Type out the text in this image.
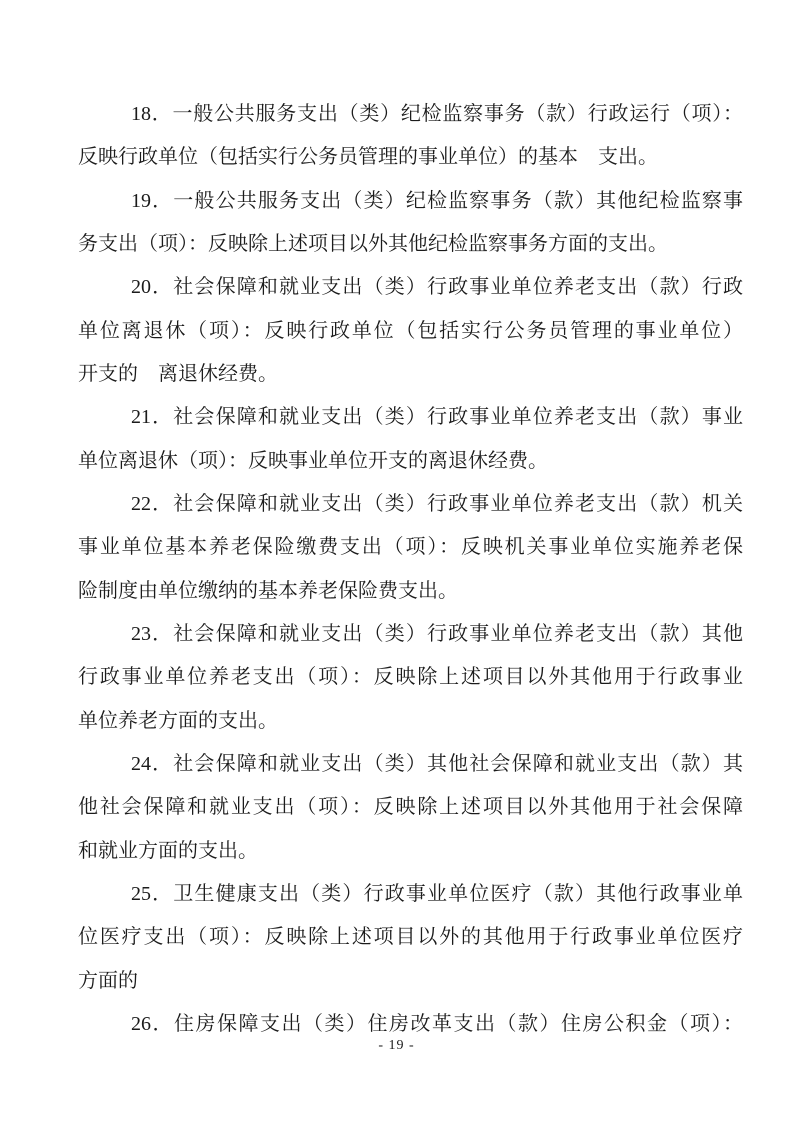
18．一般公共服务支出（类）纪检监察事务（款）行政运行（项）：
反映行政单位（包括实行公务员管理的事业单位）的基本　支出。
19．一般公共服务支出（类）纪检监察事务（款）其他纪检监察事
务支出（项）：反映除上述项目以外其他纪检监察事务方面的支出。
20．社会保障和就业支出（类）行政事业单位养老支出（款）行政
单位离退休（项）：反映行政单位（包括实行公务员管理的事业单位）
开支的　离退休经费。
21．社会保障和就业支出（类）行政事业单位养老支出（款）事业
单位离退休（项）：反映事业单位开支的离退休经费。
22．社会保障和就业支出（类）行政事业单位养老支出（款）机关
事业单位基本养老保险缴费支出（项）：反映机关事业单位实施养老保
险制度由单位缴纳的基本养老保险费支出。
23．社会保障和就业支出（类）行政事业单位养老支出（款）其他
行政事业单位养老支出（项）：反映除上述项目以外其他用于行政事业
单位养老方面的支出。
24．社会保障和就业支出（类）其他社会保障和就业支出（款）其
他社会保障和就业支出（项）：反映除上述项目以外其他用于社会保障
和就业方面的支出。
25．卫生健康支出（类）行政事业单位医疗（款）其他行政事业单
位医疗支出（项）：反映除上述项目以外的其他用于行政事业单位医疗
方面的
26．住房保障支出（类）住房改革支出（款）住房公积金（项）：
- 19 -
